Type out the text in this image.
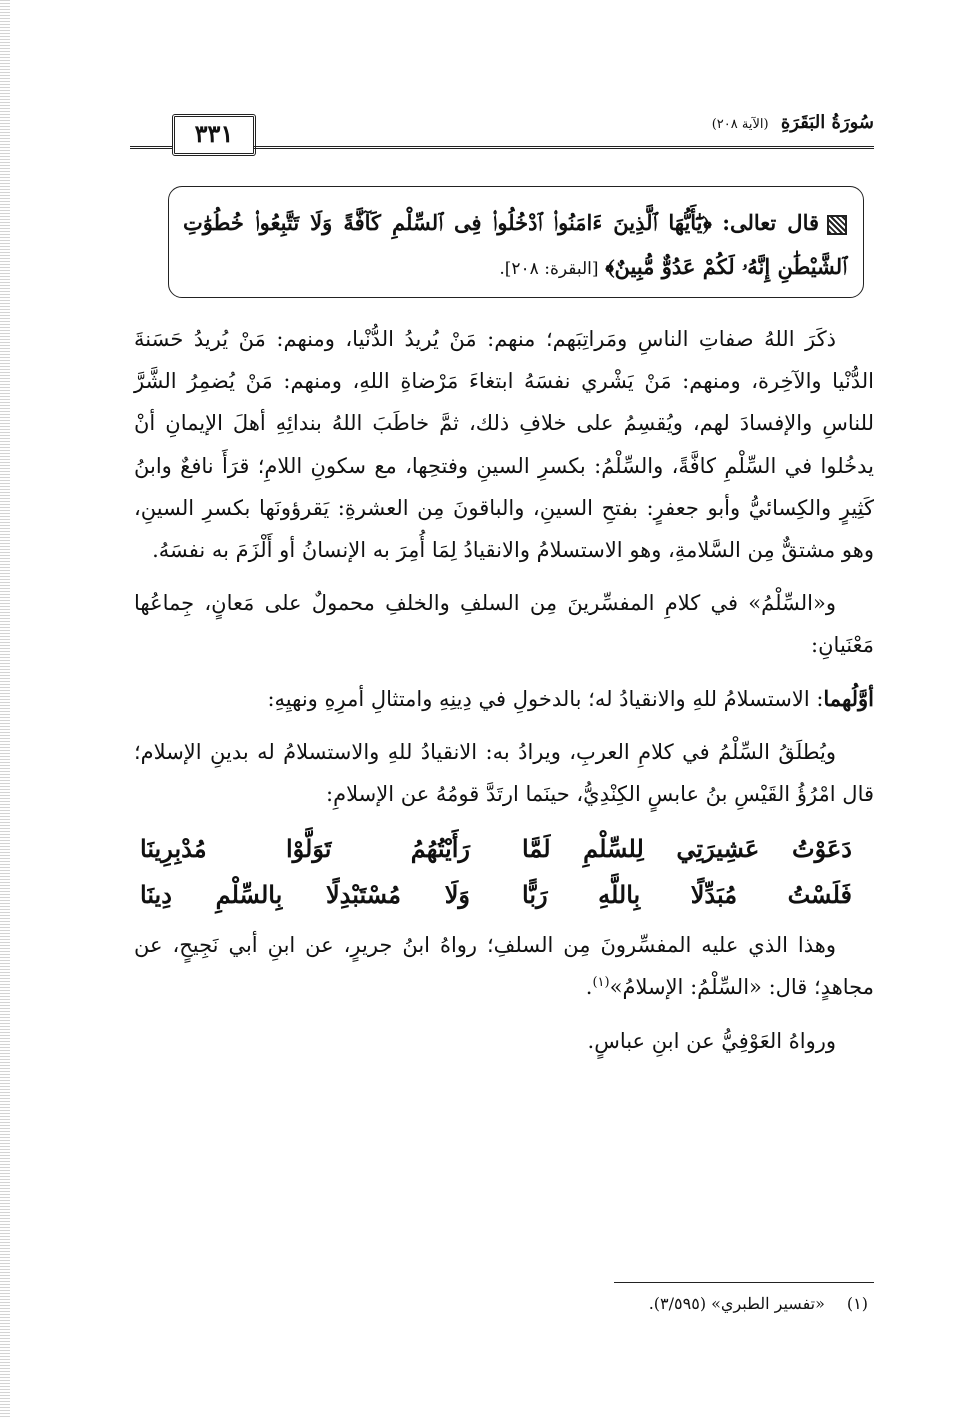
سُورَةُ البَقَرَةِ (الآية ٢٠٨)
٣٣١
قال تعالى: ﴿يَٰٓأَيُّهَا ٱلَّذِينَ ءَامَنُوا۟ ٱدْخُلُوا۟ فِى ٱلسِّلْمِ كَآفَّةً وَلَا تَتَّبِعُوا۟ خُطُوَٰتِ ٱلشَّيْطَٰنِ إِنَّهُۥ لَكُمْ عَدُوٌّ مُّبِينٌ﴾ [البقرة: ٢٠٨].

ذكَرَ اللهُ صفاتِ الناسِ ومَراتِبَهم؛ منهم: مَنْ يُريدُ الدُّنْيا، ومنهم: مَنْ يُريدُ حَسَنةَ الدُّنْيا والآخِرة، ومنهم: مَنْ يَشْري نفسَهُ ابتغاءَ مَرْضاةِ اللهِ، ومنهم: مَنْ يُضمِرُ الشَّرَّ للناسِ والإفسادَ لهم، ويُقسِمُ على خلافِ ذلك، ثمَّ خاطَبَ اللهُ بندائِهِ أهلَ الإيمانِ أنْ يدخُلوا في السِّلْمِ كافَّةً، والسِّلْمُ: بكسرِ السينِ وفتحِها، مع سكونِ اللامِ؛ قرَأَ نافعٌ وابنُ كَثِيرٍ والكِسائيُّ وأبو جعفرٍ: بفتحِ السينِ، والباقونَ مِن العشرةِ: يَقرؤونَها بكسرِ السينِ، وهو مشتقٌّ مِن السَّلامةِ، وهو الاستسلامُ والانقيادُ لِمَا أُمِرَ به الإنسانُ أو أَلْزَمَ به نفسَهُ.

و«السِّلْمُ» في كلامِ المفسِّرينَ مِن السلفِ والخلفِ محمولٌ على مَعانٍ، جِماعُها مَعْنَيانِ:

أوَّلُهما: الاستسلامُ للهِ والانقيادُ له؛ بالدخولِ في دِينِهِ وامتثالِ أمرِهِ ونهيِهِ:

ويُطلَقُ السِّلْمُ في كلامِ العربِ، ويرادُ به: الانقيادُ للهِ والاستسلامُ له بدينِ الإسلام؛ قال امْرُؤُ القَيْسِ بنُ عابسٍ الكِنْدِيُّ، حينَما ارتَدَّ قومُهُ عن الإسلامِ:

دَعَوْتُ عَشِيرَتِي لِلسِّلْمِ لَمَّا
رَأَيْتُهُمُ تَوَلَّوْا مُدْبِرِينَا
فَلَسْتُ مُبَدِّلًا بِاللَّهِ رَبًّا
وَلَا مُسْتَبْدِلًا بِالسِّلْمِ دِينَا

وهذا الذي عليه المفسِّرونَ مِن السلفِ؛ رواهُ ابنُ جريرٍ، عن ابنِ أبي نَجِيحٍ، عن مجاهدٍ؛ قال: «السِّلْمُ: الإسلامُ»$^{(١)}$.

ورواهُ العَوْفِيُّ عن ابنِ عباسٍ.

(١)«تفسير الطبري» (٣/٥٩٥).
